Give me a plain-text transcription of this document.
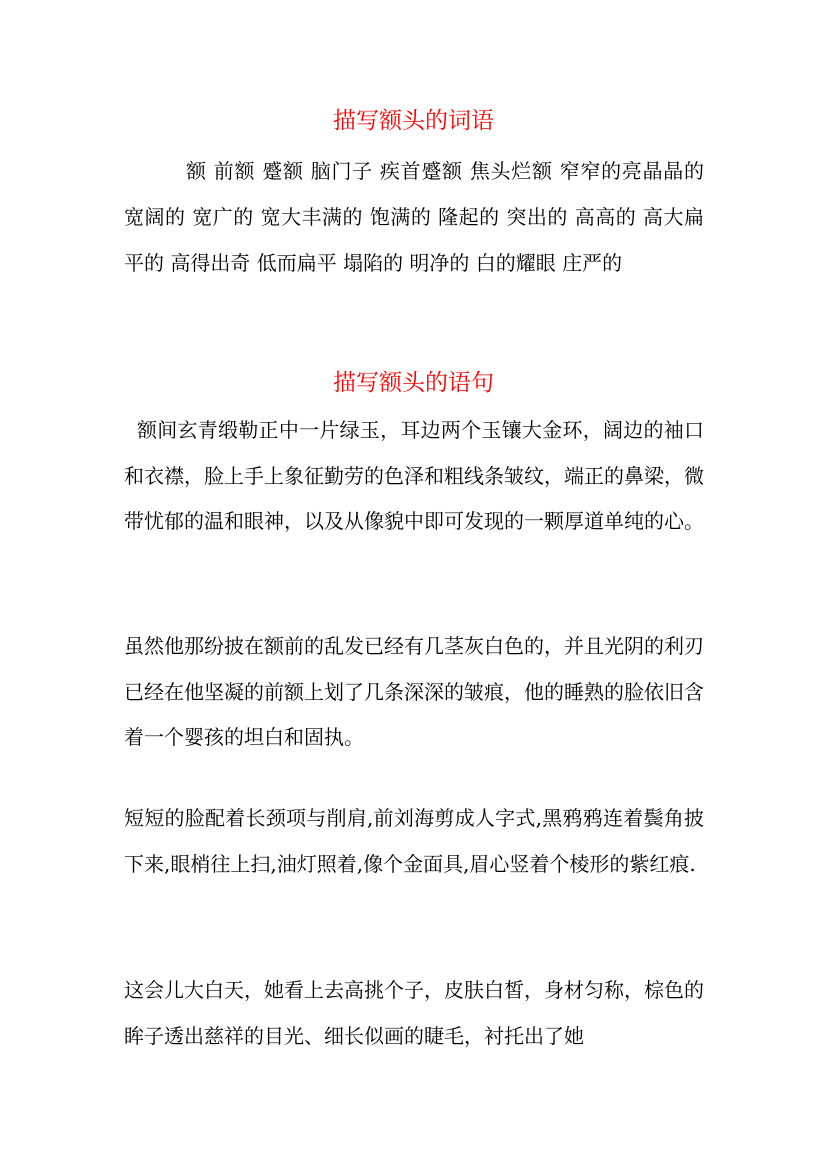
描写额头的词语

额 前额 蹙额 脑门子 疾首蹙额 焦头烂额 窄窄的亮晶晶的 宽阔的 宽广的 宽大丰满的 饱满的 隆起的 突出的 高高的 高大扁平的 高得出奇 低而扁平 塌陷的 明净的 白的耀眼 庄严的

描写额头的语句

额间玄青缎勒正中一片绿玉，耳边两个玉镶大金环，阔边的袖口和衣襟，脸上手上象征勤劳的色泽和粗线条皱纹，端正的鼻梁，微带忧郁的温和眼神，以及从像貌中即可发现的一颗厚道单纯的心。

虽然他那纷披在额前的乱发已经有几茎灰白色的，并且光阴的利刃已经在他坚凝的前额上划了几条深深的皱痕，他的睡熟的脸依旧含着一个婴孩的坦白和固执。

短短的脸配着长颈项与削肩,前刘海剪成人字式,黑鸦鸦连着鬓角披下来,眼梢往上扫,油灯照着,像个金面具,眉心竖着个棱形的紫红痕.

这会儿大白天，她看上去高挑个子，皮肤白皙，身材匀称，棕色的眸子透出慈祥的目光、细长似画的睫毛，衬托出了她
